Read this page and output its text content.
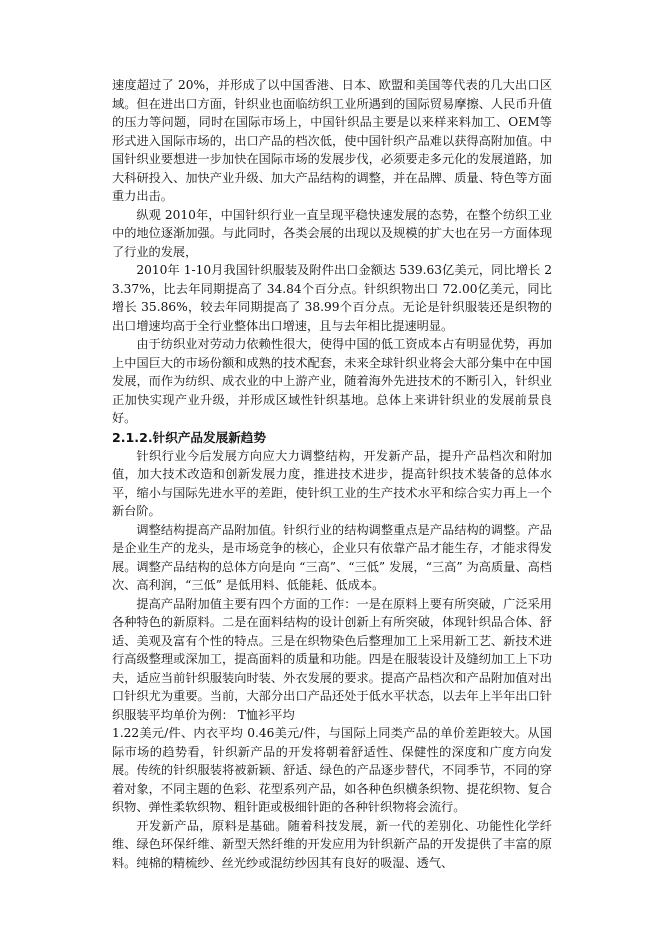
速度超过了 20%，并形成了以中国香港、日本、欧盟和美国等代表的几大出口区域。但在进出口方面，针织业也面临纺织工业所遇到的国际贸易摩擦、人民币升值的压力等问题，同时在国际市场上，中国针织品主要是以来样来料加工、OEM等形式进入国际市场的，出口产品的档次低，使中国针织产品难以获得高附加值。中国针织业要想进一步加快在国际市场的发展步伐，必须要走多元化的发展道路，加大科研投入、加快产业升级、加大产品结构的调整，并在品牌、质量、特色等方面重力出击。

纵观 2010年，中国针织行业一直呈现平稳快速发展的态势，在整个纺织工业中的地位逐渐加强。与此同时，各类会展的出现以及规模的扩大也在另一方面体现了行业的发展，

2010年 1-10月我国针织服装及附件出口金额达 539.63亿美元，同比增长 23.37%，比去年同期提高了 34.84个百分点。针织织物出口 72.00亿美元，同比增长 35.86%，较去年同期提高了 38.99个百分点。无论是针织服装还是织物的出口增速均高于全行业整体出口增速，且与去年相比提速明显。

由于纺织业对劳动力依赖性很大，使得中国的低工资成本占有明显优势，再加上中国巨大的市场份额和成熟的技术配套，未来全球针织业将会大部分集中在中国发展，而作为纺织、成衣业的中上游产业，随着海外先进技术的不断引入，针织业正加快实现产业升级，并形成区域性针织基地。总体上来讲针织业的发展前景良好。

2.1.2.针织产品发展新趋势

针织行业今后发展方向应大力调整结构，开发新产品，提升产品档次和附加值，加大技术改造和创新发展力度，推进技术进步，提高针织技术装备的总体水平，缩小与国际先进水平的差距，使针织工业的生产技术水平和综合实力再上一个新台阶。

调整结构提高产品附加值。针织行业的结构调整重点是产品结构的调整。产品是企业生产的龙头，是市场竞争的核心，企业只有依靠产品才能生存，才能求得发展。调整产品结构的总体方向是向 “三高”、“三低” 发展，“三高” 为高质量、高档次、高利润，“三低” 是低用料、低能耗、低成本。

提高产品附加值主要有四个方面的工作：一是在原料上要有所突破，广泛采用各种特色的新原料。二是在面料结构的设计创新上有所突破，体现针织品合体、舒适、美观及富有个性的特点。三是在织物染色后整理加工上采用新工艺、新技术进行高级整理或深加工，提高面料的质量和功能。四是在服装设计及缝纫加工上下功夫，适应当前针织服装向时装、外衣发展的要求。提高产品档次和产品附加值对出口针织尤为重要。当前，大部分出口产品还处于低水平状态，以去年上半年出口针织服装平均单价为例： T恤衫平均

1.22美元/件、内衣平均 0.46美元/件，与国际上同类产品的单价差距较大。从国际市场的趋势看，针织新产品的开发将朝着舒适性、保健性的深度和广度方向发展。传统的针织服装将被新颖、舒适、绿色的产品逐步替代，不同季节，不同的穿着对象，不同主题的色彩、花型系列产品，如各种色织横条织物、提花织物、复合织物、弹性柔软织物、粗针距或极细针距的各种针织物将会流行。

开发新产品，原料是基础。随着科技发展，新一代的差别化、功能性化学纤维、绿色环保纤维、新型天然纤维的开发应用为针织新产品的开发提供了丰富的原料。纯棉的精梳纱、丝光纱或混纺纱因其有良好的吸湿、透气、
